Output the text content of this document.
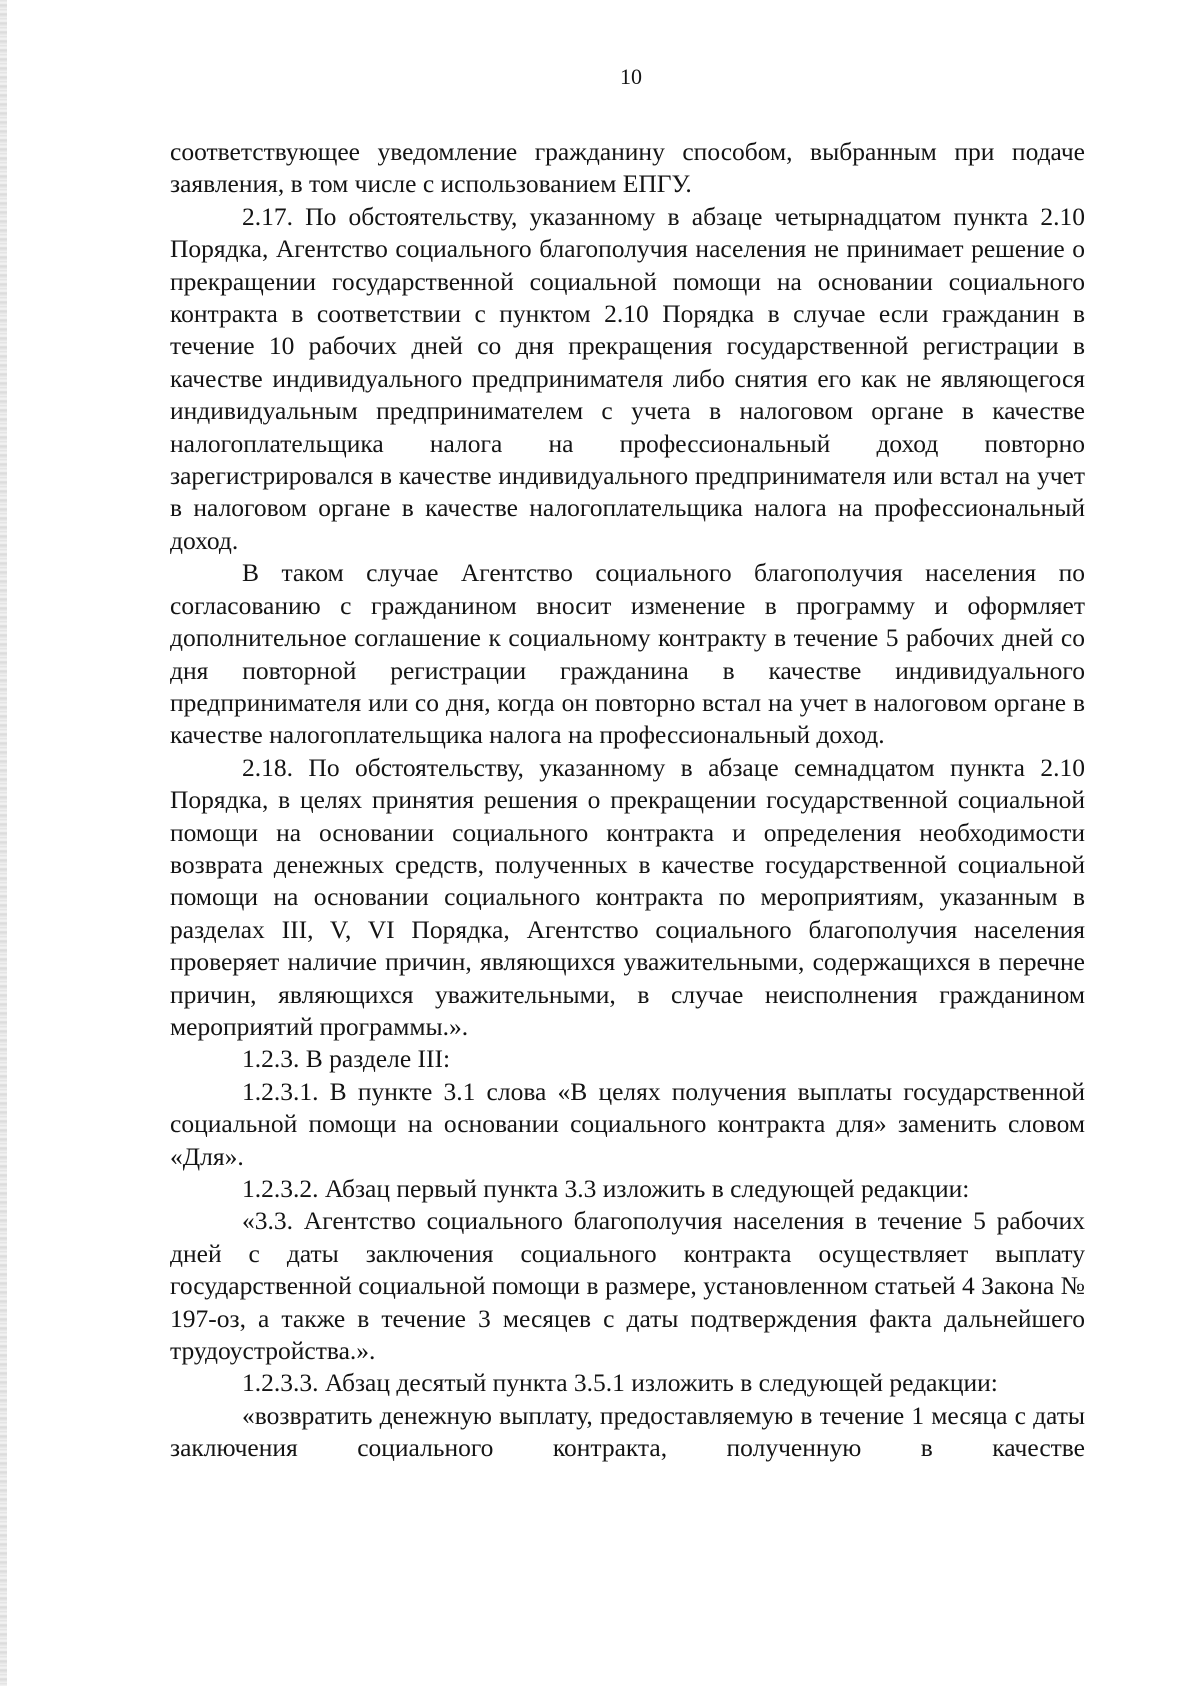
10

соответствующее уведомление гражданину способом, выбранным при подаче заявления, в том числе с использованием ЕПГУ.

2.17. По обстоятельству, указанному в абзаце четырнадцатом пункта 2.10 Порядка, Агентство социального благополучия населения не принимает решение о прекращении государственной социальной помощи на основании социального контракта в соответствии с пунктом 2.10 Порядка в случае если гражданин в течение 10 рабочих дней со дня прекращения государственной регистрации в качестве индивидуального предпринимателя либо снятия его как не являющегося индивидуальным предпринимателем с учета в налоговом органе в качестве налогоплательщика налога на профессиональный доход повторно зарегистрировался в качестве индивидуального предпринимателя или встал на учет в налоговом органе в качестве налогоплательщика налога на профессиональный доход.

В таком случае Агентство социального благополучия населения по согласованию с гражданином вносит изменение в программу и оформляет дополнительное соглашение к социальному контракту в течение 5 рабочих дней со дня повторной регистрации гражданина в качестве индивидуального предпринимателя или со дня, когда он повторно встал на учет в налоговом органе в качестве налогоплательщика налога на профессиональный доход.

2.18. По обстоятельству, указанному в абзаце семнадцатом пункта 2.10 Порядка, в целях принятия решения о прекращении государственной социальной помощи на основании социального контракта и определения необходимости возврата денежных средств, полученных в качестве государственной социальной помощи на основании социального контракта по мероприятиям, указанным в разделах III, V, VI Порядка, Агентство социального благополучия населения проверяет наличие причин, являющихся уважительными, содержащихся в перечне причин, являющихся уважительными, в случае неисполнения гражданином мероприятий программы.».

1.2.3. В разделе III:

1.2.3.1. В пункте 3.1 слова «В целях получения выплаты государственной социальной помощи на основании социального контракта для» заменить словом «Для».

1.2.3.2. Абзац первый пункта 3.3 изложить в следующей редакции:

«3.3. Агентство социального благополучия населения в течение 5 рабочих дней с даты заключения социального контракта осуществляет выплату государственной социальной помощи в размере, установленном статьей 4 Закона № 197-оз, а также в течение 3 месяцев с даты подтверждения факта дальнейшего трудоустройства.».

1.2.3.3. Абзац десятый пункта 3.5.1 изложить в следующей редакции:

«возвратить денежную выплату, предоставляемую в течение 1 месяца с даты заключения социального контракта, полученную в качестве
